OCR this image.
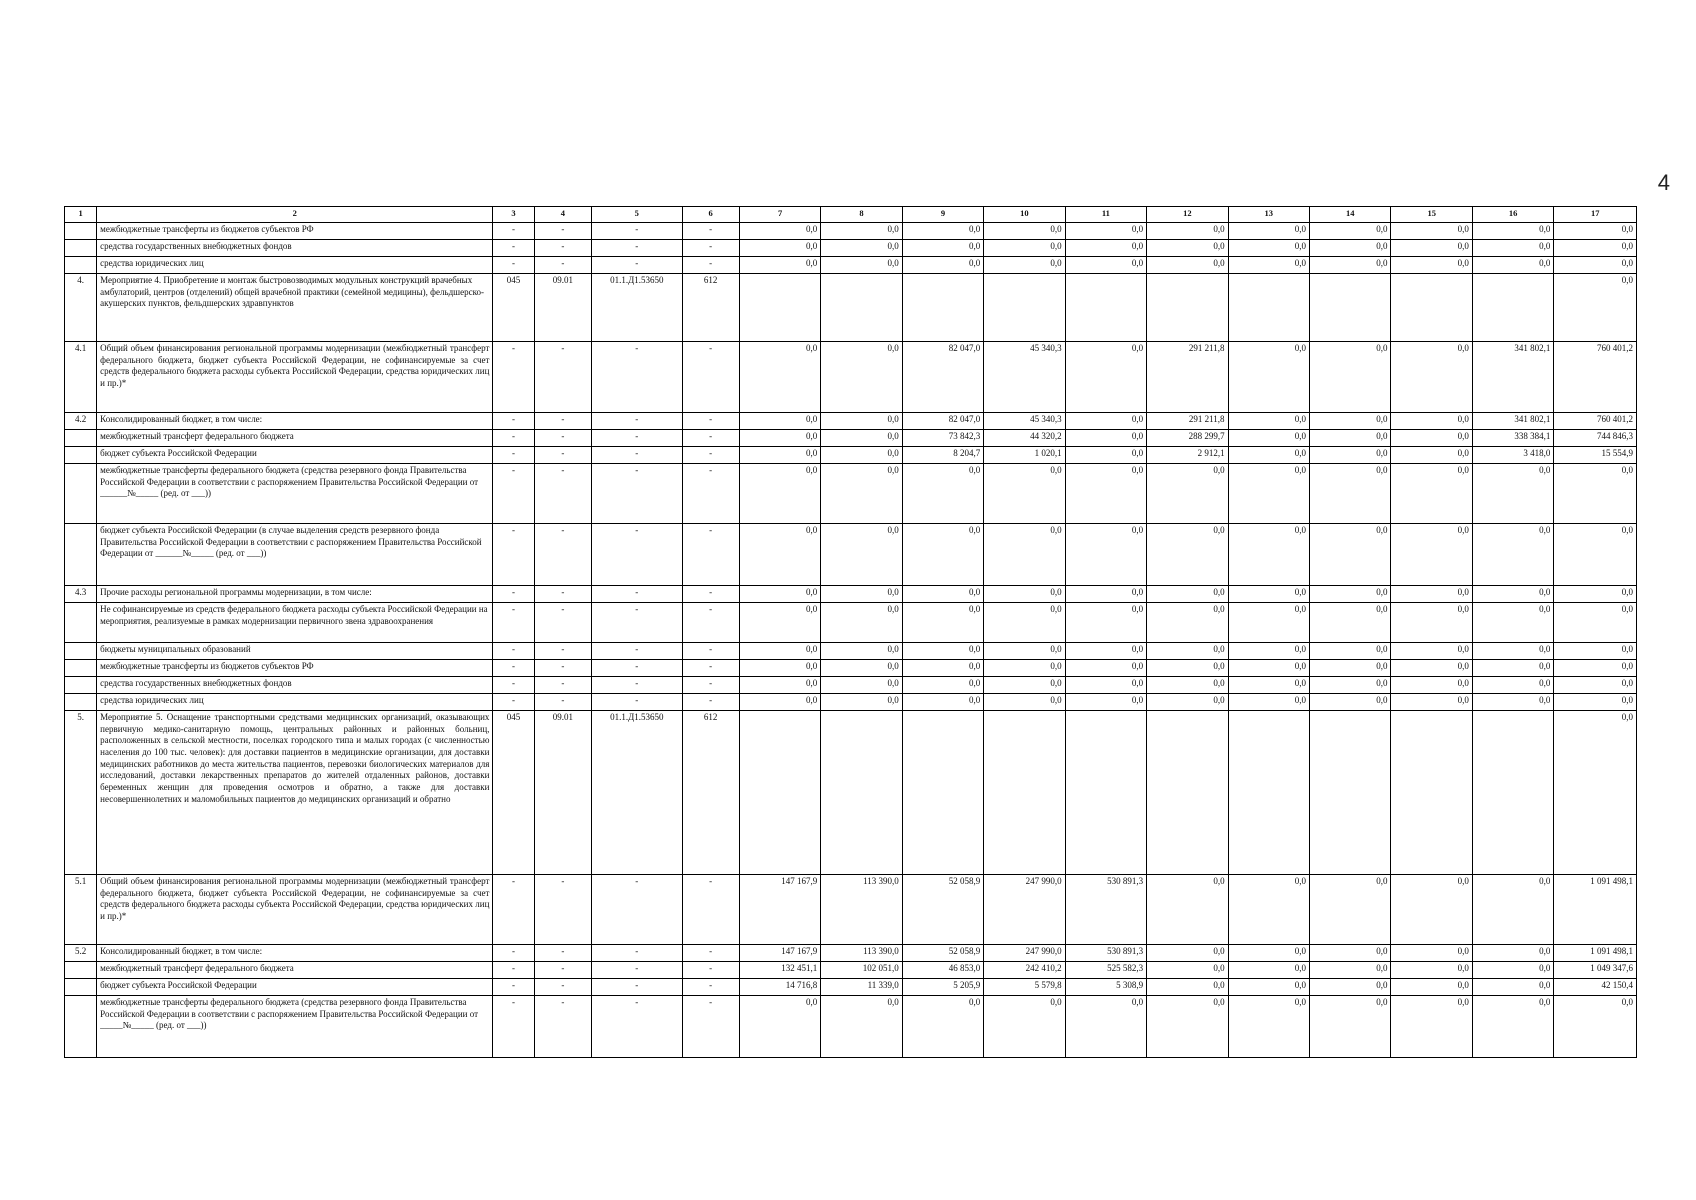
4
1	2	3	4	5	6	7	8	9	10	11	12	13	14	15	16	17
	межбюджетные трансферты из бюджетов субъектов РФ	-	-	-	-	0,0	0,0	0,0	0,0	0,0	0,0	0,0	0,0	0,0	0,0	0,0
	средства государственных внебюджетных фондов	-	-	-	-	0,0	0,0	0,0	0,0	0,0	0,0	0,0	0,0	0,0	0,0	0,0
	средства юридических лиц	-	-	-	-	0,0	0,0	0,0	0,0	0,0	0,0	0,0	0,0	0,0	0,0	0,0
4.	Мероприятие 4. Приобретение и монтаж быстровозводимых модульных конструкций врачебных амбулаторий, центров (отделений) общей врачебной практики (семейной медицины), фельдшерско-акушерских пунктов, фельдшерских здравпунктов	045	09.01	01.1.Д1.53650	612											0,0
4.1	Общий объем финансирования региональной программы модернизации (межбюджетный трансферт федерального бюджета, бюджет субъекта Российской Федерации, не софинансируемые за счет средств федерального бюджета расходы субъекта Российской Федерации, средства юридических лиц и пр.)*	-	-	-	-	0,0	0,0	82 047,0	45 340,3	0,0	291 211,8	0,0	0,0	0,0	341 802,1	760 401,2
4.2	Консолидированный бюджет, в том числе:	-	-	-	-	0,0	0,0	82 047,0	45 340,3	0,0	291 211,8	0,0	0,0	0,0	341 802,1	760 401,2
	межбюджетный трансферт федерального бюджета	-	-	-	-	0,0	0,0	73 842,3	44 320,2	0,0	288 299,7	0,0	0,0	0,0	338 384,1	744 846,3
	бюджет субъекта Российской Федерации	-	-	-	-	0,0	0,0	8 204,7	1 020,1	0,0	2 912,1	0,0	0,0	0,0	3 418,0	15 554,9
	межбюджетные трансферты федерального бюджета (средства резервного фонда Правительства Российской Федерации в соответствии с распоряжением Правительства Российской Федерации от ______№_____ (ред. от ___))	-	-	-	-	0,0	0,0	0,0	0,0	0,0	0,0	0,0	0,0	0,0	0,0	0,0
	бюджет субъекта Российской Федерации (в случае выделения средств резервного фонда Правительства Российской Федерации в соответствии с распоряжением Правительства Российской Федерации от ______№_____ (ред. от ___))	-	-	-	-	0,0	0,0	0,0	0,0	0,0	0,0	0,0	0,0	0,0	0,0	0,0
4.3	Прочие расходы региональной программы модернизации, в том числе:	-	-	-	-	0,0	0,0	0,0	0,0	0,0	0,0	0,0	0,0	0,0	0,0	0,0
	Не софинансируемые из средств федерального бюджета расходы субъекта Российской Федерации на мероприятия, реализуемые в рамках модернизации первичного звена здравоохранения	-	-	-	-	0,0	0,0	0,0	0,0	0,0	0,0	0,0	0,0	0,0	0,0	0,0
	бюджеты муниципальных образований	-	-	-	-	0,0	0,0	0,0	0,0	0,0	0,0	0,0	0,0	0,0	0,0	0,0
	межбюджетные трансферты из бюджетов субъектов РФ	-	-	-	-	0,0	0,0	0,0	0,0	0,0	0,0	0,0	0,0	0,0	0,0	0,0
	средства государственных внебюджетных фондов	-	-	-	-	0,0	0,0	0,0	0,0	0,0	0,0	0,0	0,0	0,0	0,0	0,0
	средства юридических лиц	-	-	-	-	0,0	0,0	0,0	0,0	0,0	0,0	0,0	0,0	0,0	0,0	0,0
5.	Мероприятие 5. Оснащение транспортными средствами медицинских организаций, оказывающих первичную медико-санитарную помощь, центральных районных и районных больниц, расположенных в сельской местности, поселках городского типа и малых городах (с численностью населения до 100 тыс. человек): для доставки пациентов в медицинские организации, для доставки медицинских работников до места жительства пациентов, перевозки биологических материалов для исследований, доставки лекарственных препаратов до жителей отдаленных районов, доставки беременных женщин для проведения осмотров и обратно, а также для доставки несовершеннолетних и маломобильных пациентов до медицинских организаций и обратно	045	09.01	01.1.Д1.53650	612											0,0
5.1	Общий объем финансирования региональной программы модернизации (межбюджетный трансферт федерального бюджета, бюджет субъекта Российской Федерации, не софинансируемые за счет средств федерального бюджета расходы субъекта Российской Федерации, средства юридических лиц и пр.)*	-	-	-	-	147 167,9	113 390,0	52 058,9	247 990,0	530 891,3	0,0	0,0	0,0	0,0	0,0	1 091 498,1
5.2	Консолидированный бюджет, в том числе:	-	-	-	-	147 167,9	113 390,0	52 058,9	247 990,0	530 891,3	0,0	0,0	0,0	0,0	0,0	1 091 498,1
	межбюджетный трансферт федерального бюджета	-	-	-	-	132 451,1	102 051,0	46 853,0	242 410,2	525 582,3	0,0	0,0	0,0	0,0	0,0	1 049 347,6
	бюджет субъекта Российской Федерации	-	-	-	-	14 716,8	11 339,0	5 205,9	5 579,8	5 308,9	0,0	0,0	0,0	0,0	0,0	42 150,4
	межбюджетные трансферты федерального бюджета (средства резервного фонда Правительства Российской Федерации в соответствии с распоряжением Правительства Российской Федерации от _____№_____ (ред. от ___))	-	-	-	-	0,0	0,0	0,0	0,0	0,0	0,0	0,0	0,0	0,0	0,0	0,0
